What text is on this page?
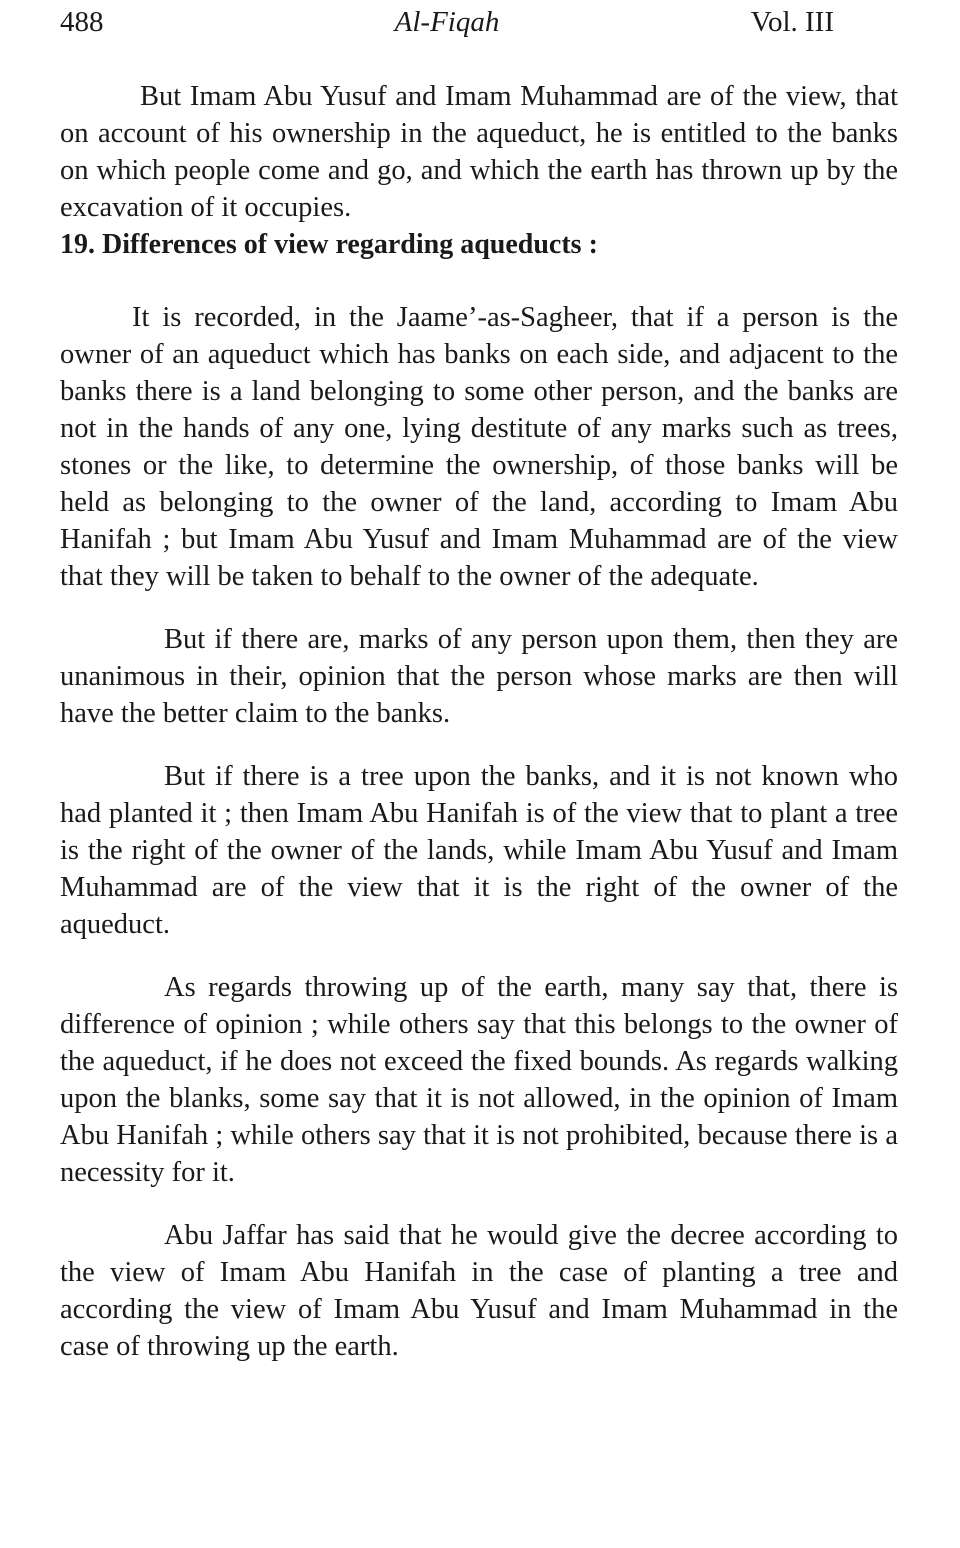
488	Al-Fiqah	Vol. III

But Imam Abu Yusuf and Imam Muhammad are of the view, that on account of his ownership in the aqueduct, he is entitled to the banks on which people come and go, and which the earth has thrown up by the excavation of it occupies.

19. Differences of view regarding aqueducts :

It is recorded, in the Jaame’-as-Sagheer, that if a person is the owner of an aqueduct which has banks on each side, and adjacent to the banks there is a land belonging to some other person, and the banks are not in the hands of any one, lying destitute of any marks such as trees, stones or the like, to determine the ownership, of those banks will be held as belonging to the owner of the land, according to Imam Abu Hanifah ; but Imam Abu Yusuf and Imam Muhammad are of the view that they will be taken to behalf to the owner of the adequate.

But if there are, marks of any person upon them, then they are unanimous in their, opinion that the person whose marks are then will have the better claim to the banks.

But if there is a tree upon the banks, and it is not known who had planted it ; then Imam Abu Hanifah is of the view that to plant a tree is the right of the owner of the lands, while Imam Abu Yusuf and Imam Muhammad are of the view that it is the right of the owner of the aqueduct.

As regards throwing up of the earth, many say that, there is difference of opinion ; while others say that this belongs to the owner of the aqueduct, if he does not exceed the fixed bounds. As regards walking upon the blanks, some say that it is not allowed, in the opinion of Imam Abu Hanifah ; while others say that it is not prohibited, because there is a necessity for it.

Abu Jaffar has said that he would give the decree according to the view of Imam Abu Hanifah in the case of planting a tree and according the view of Imam Abu Yusuf and Imam Muhammad in the case of throwing up the earth.
